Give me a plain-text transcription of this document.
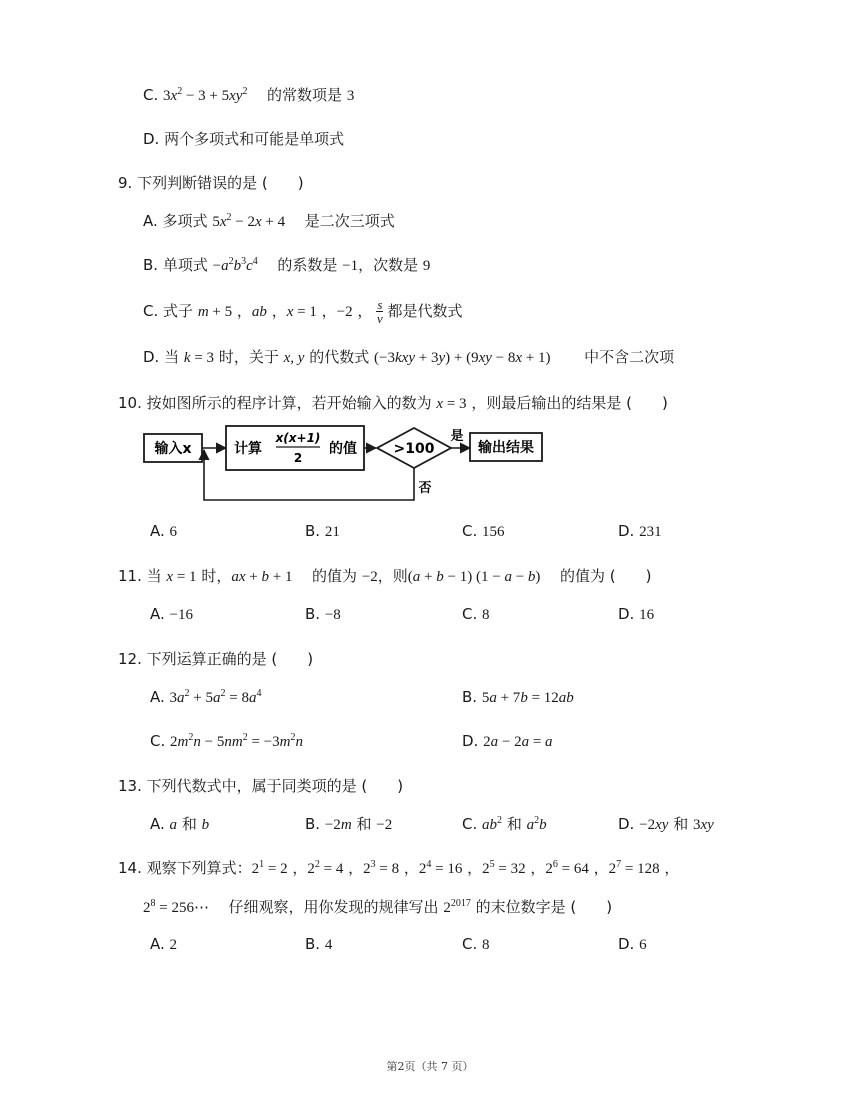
C. $3x^2 - 3 + 5xy^2$ 的常数项是 3
D. 两个多项式和可能是单项式
9. 下列判断错误的是 (　　)
A. 多项式 $5x^2 - 2x + 4$ 是二次三项式
B. 单项式 $-a^2b^3c^4$ 的系数是 −1，次数是 9
C. 式子 m + 5 ，ab ，x = 1 ，−2 ， $\frac{s}{v}$ 都是代数式
D. 当 k = 3 时，关于 x, y 的代数式 (−3kxy + 3y) + (9xy − 8x + 1) 中不含二次项
10. 按如图所示的程序计算，若开始输入的数为 x = 3 ，则最后输出的结果是 (　　)
输入x	计算
x(x+1)
2
的值	>100
是
输出结果
否
A. 6	B. 21	C. 156	D. 231
11. 当 x = 1 时，ax + b + 1 的值为 −2，则(a + b − 1) (1 − a − b) 的值为 (　　)
A. −16	B. −8	C. 8	D. 16
12. 下列运算正确的是 (　　)
A. $3a^2 + 5a^2 = 8a^4$	B. 5a + 7b = 12ab
C. $2m^2n - 5nm^2 = -3m^2n$	D. 2a − 2a = a
13. 下列代数式中，属于同类项的是 (　　)
A. a 和 b	B. −2m 和 −2	C. $ab^2$ 和 $a^2b$	D. −2xy 和 3xy
14. 观察下列算式：$2^1 = 2$ ，$2^2 = 4$ ，$2^3 = 8$ ，$2^4 = 16$ ，$2^5 = 32$ ，$2^6 = 64$ ，$2^7 = 128$ ，
$2^8$ = 256⋯ 仔细观察，用你发现的规律写出 $2^{2017}$ 的末位数字是 (　　)
A. 2	B. 4	C. 8	D. 6
第2页（共 7 页）
